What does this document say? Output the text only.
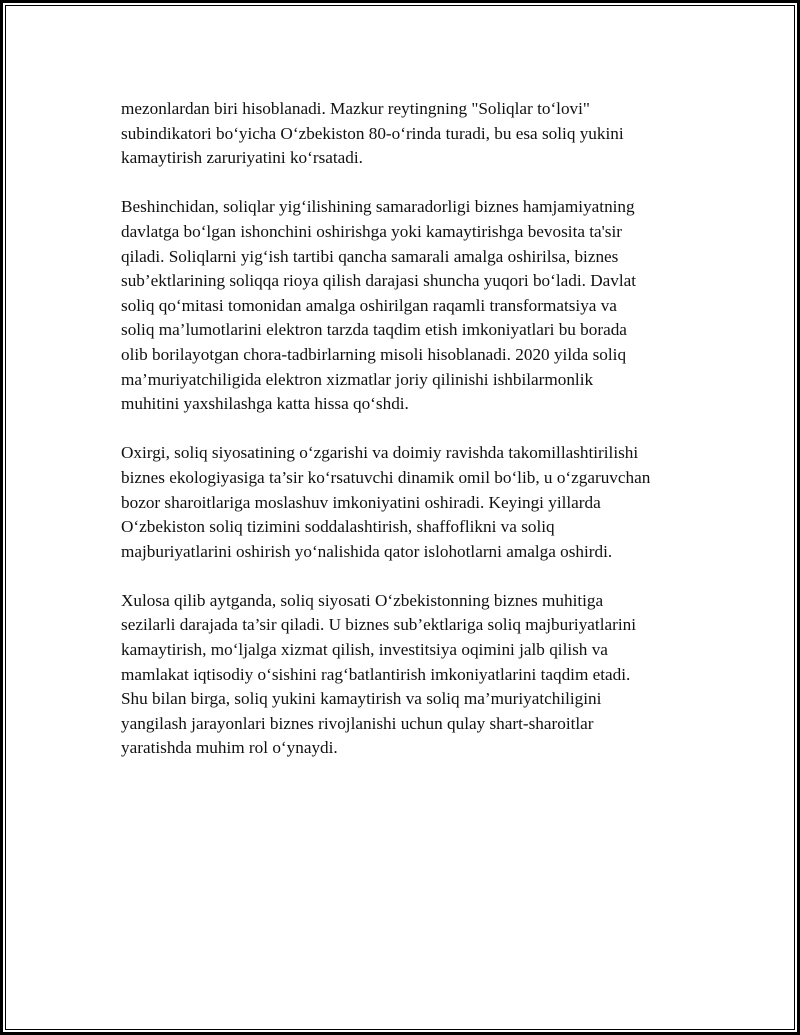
mezonlardan biri hisoblanadi. Mazkur reytingning "Soliqlar toʻlovi"
subindikatori boʻyicha Oʻzbekiston 80-oʻrinda turadi, bu esa soliq yukini
kamaytirish zaruriyatini koʻrsatadi.

Beshinchidan, soliqlar yigʻilishining samaradorligi biznes hamjamiyatning
davlatga boʻlgan ishonchini oshirishga yoki kamaytirishga bevosita ta'sir
qiladi. Soliqlarni yigʻish tartibi qancha samarali amalga oshirilsa, biznes
sub’ektlarining soliqqa rioya qilish darajasi shuncha yuqori boʻladi. Davlat
soliq qoʻmitasi tomonidan amalga oshirilgan raqamli transformatsiya va
soliq ma’lumotlarini elektron tarzda taqdim etish imkoniyatlari bu borada
olib borilayotgan chora-tadbirlarning misoli hisoblanadi. 2020 yilda soliq
ma’muriyatchiligida elektron xizmatlar joriy qilinishi ishbilarmonlik
muhitini yaxshilashga katta hissa qoʻshdi.

Oxirgi, soliq siyosatining oʻzgarishi va doimiy ravishda takomillashtirilishi
biznes ekologiyasiga ta’sir koʻrsatuvchi dinamik omil boʻlib, u oʻzgaruvchan
bozor sharoitlariga moslashuv imkoniyatini oshiradi. Keyingi yillarda
Oʻzbekiston soliq tizimini soddalashtirish, shaffoflikni va soliq
majburiyatlarini oshirish yoʻnalishida qator islohotlarni amalga oshirdi.

Xulosa qilib aytganda, soliq siyosati Oʻzbekistonning biznes muhitiga
sezilarli darajada ta’sir qiladi. U biznes sub’ektlariga soliq majburiyatlarini
kamaytirish, moʻljalga xizmat qilish, investitsiya oqimini jalb qilish va
mamlakat iqtisodiy oʻsishini ragʻbatlantirish imkoniyatlarini taqdim etadi.
Shu bilan birga, soliq yukini kamaytirish va soliq ma’muriyatchiligini
yangilash jarayonlari biznes rivojlanishi uchun qulay shart-sharoitlar
yaratishda muhim rol oʻynaydi.
